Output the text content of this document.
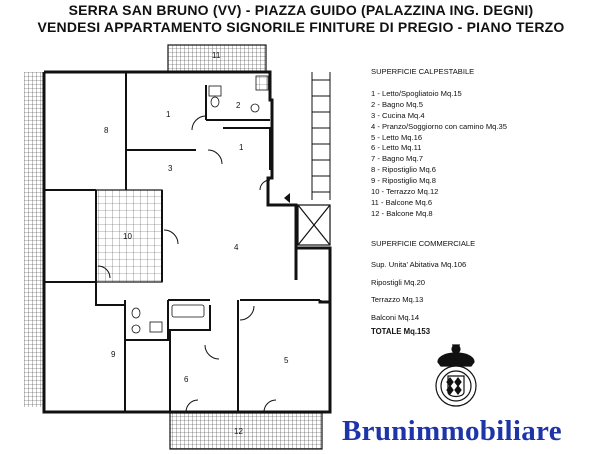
SERRA SAN BRUNO (VV) - PIAZZA GUIDO (PALAZZINA ING. DEGNI)
VENDESI APPARTAMENTO SIGNORILE FINITURE DI PREGIO - PIANO TERZO
1
2
1
3
8
10
4
9
6
5
11
12
SUPERFICIE CALPESTABILE
1 - Letto/Spogliatoio Mq.15
2 - Bagno Mq.5
3 - Cucina Mq.4
4 - Pranzo/Soggiorno con camino Mq.35
5 - Letto Mq.16
6 - Letto Mq.11
7 - Bagno Mq.7
8 - Ripostiglio Mq.6
9 - Ripostiglio Mq.8
10 - Terrazzo Mq.12
11 - Balcone Mq.6
12 - Balcone Mq.8
SUPERFICIE COMMERCIALE
Sup. Unita' Abitativa Mq.106
Ripostigli Mq.20
Terrazzo Mq.13
Balconi Mq.14
TOTALE Mq.153
Brunimmobiliare
